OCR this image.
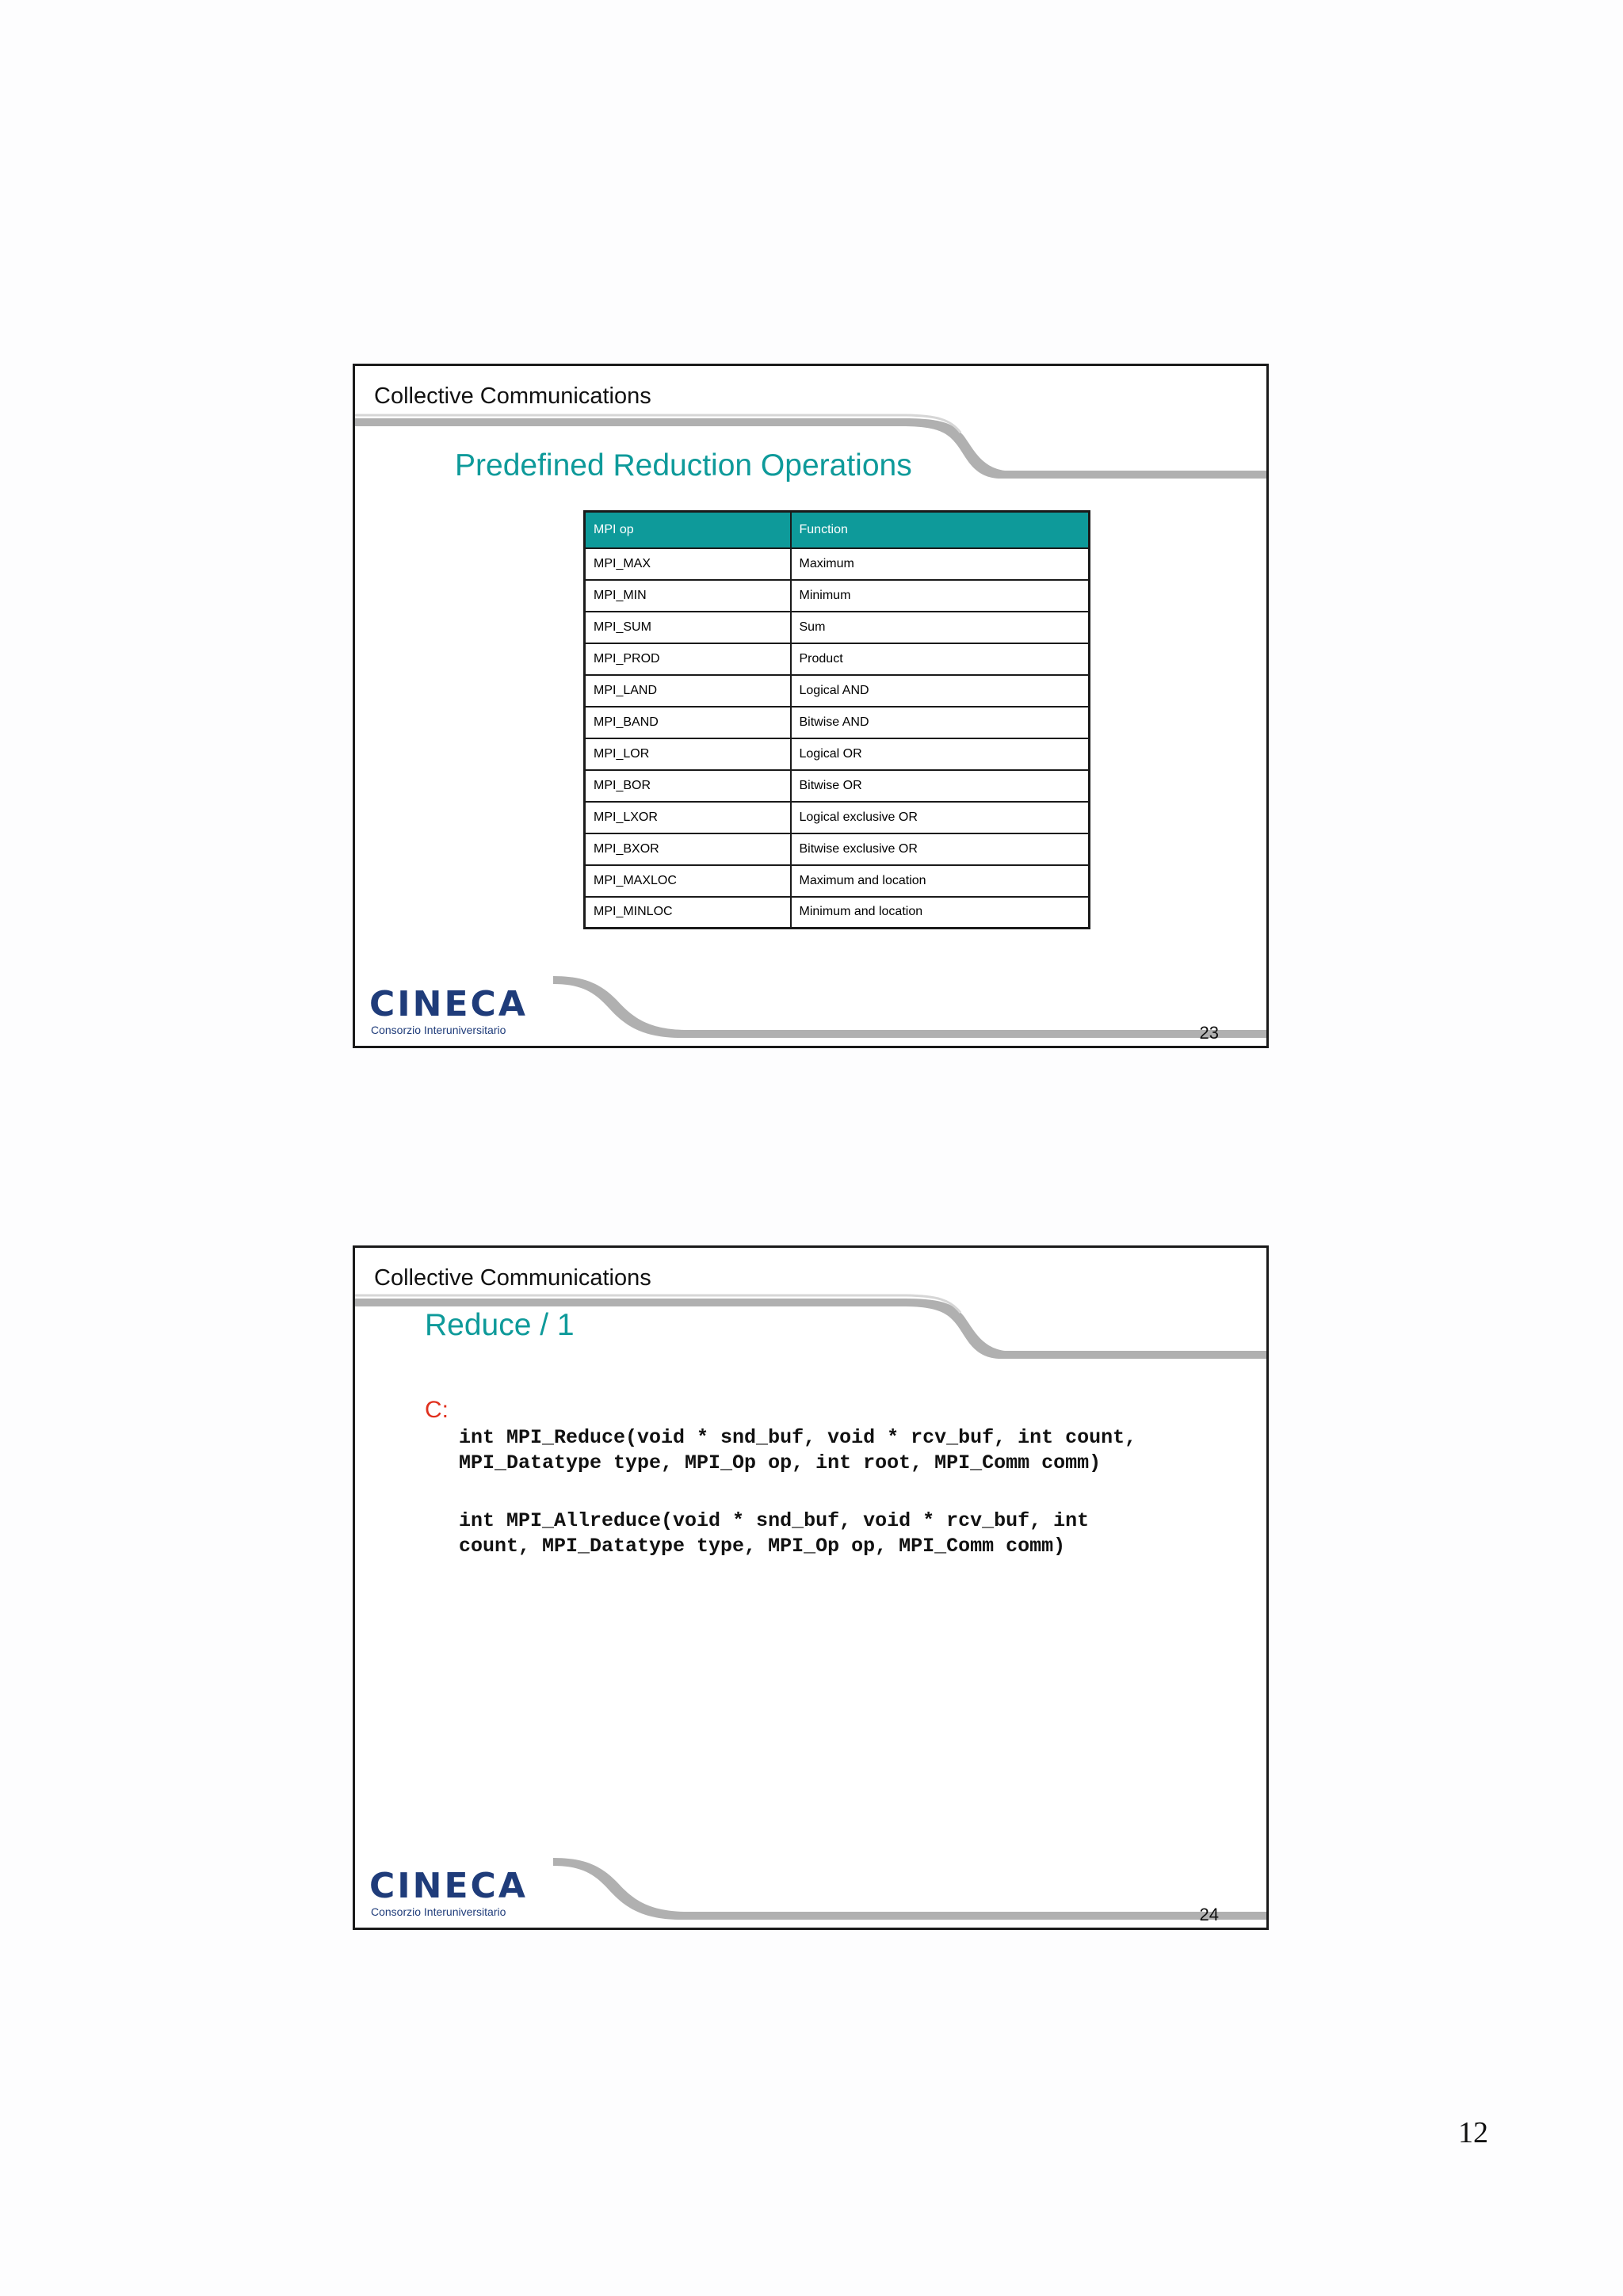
Collective Communications
Predefined Reduction Operations
MPI op	Function
MPI_MAX	Maximum
MPI_MIN	Minimum
MPI_SUM	Sum
MPI_PROD	Product
MPI_LAND	Logical AND
MPI_BAND	Bitwise AND
MPI_LOR	Logical OR
MPI_BOR	Bitwise OR
MPI_LXOR	Logical exclusive OR
MPI_BXOR	Bitwise exclusive OR
MPI_MAXLOC	Maximum and location
MPI_MINLOC	Minimum and location
CINECA
Consorzio Interuniversitario	23
Collective Communications
Reduce / 1
C:
int MPI_Reduce(void * snd_buf, void * rcv_buf, int count,
MPI_Datatype type, MPI_Op op, int root, MPI_Comm comm)
int MPI_Allreduce(void * snd_buf, void * rcv_buf, int
count, MPI_Datatype type, MPI_Op op, MPI_Comm comm)
CINECA
Consorzio Interuniversitario	24
12
